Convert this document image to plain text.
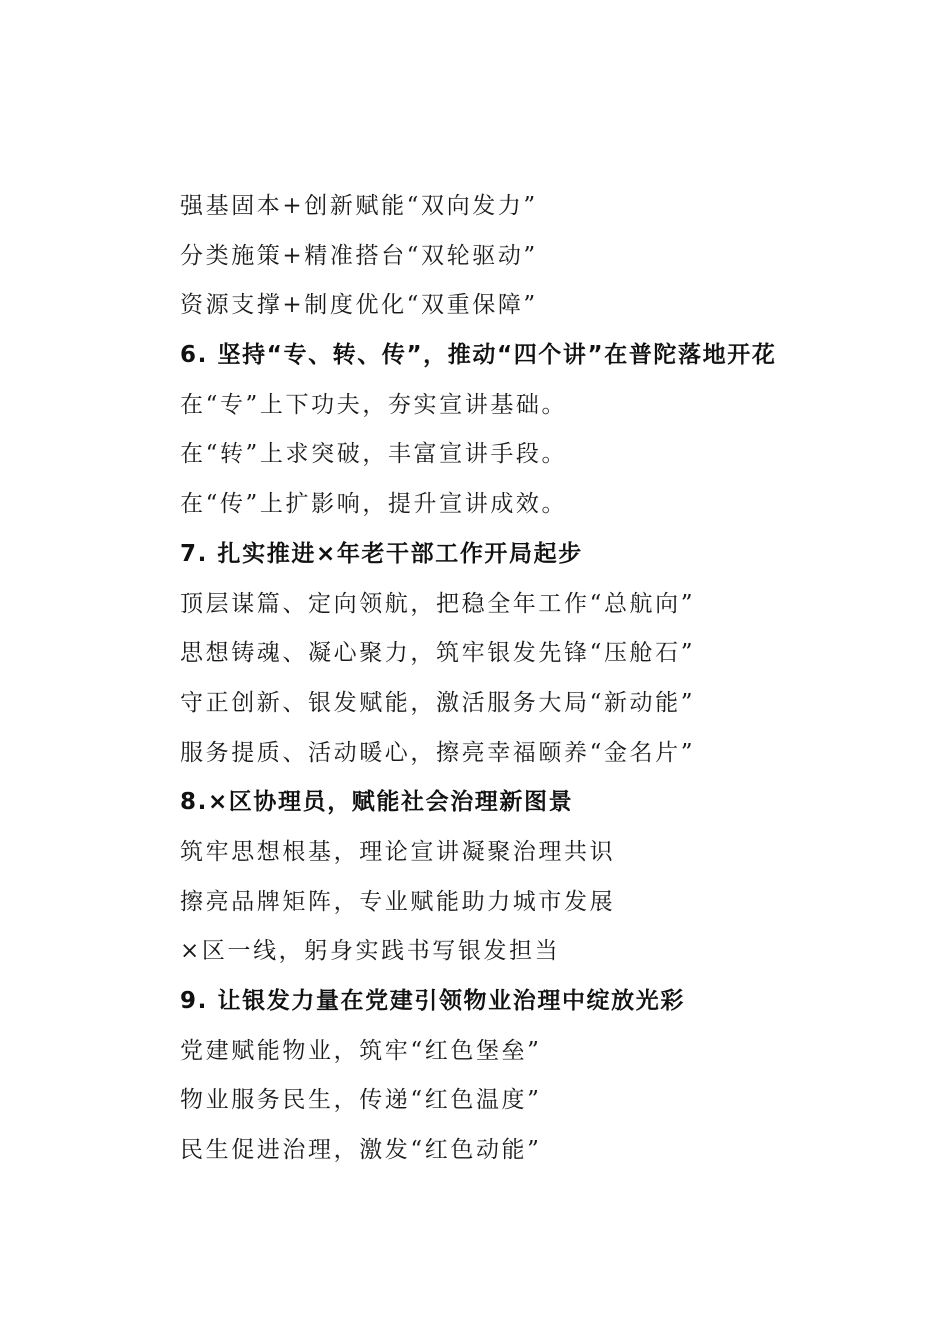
强基固本+创新赋能“双向发力”
分类施策+精准搭台“双轮驱动”
资源支撑+制度优化“双重保障”
6. 坚持“专、转、传”，推动“四个讲”在普陀落地开花
在“专”上下功夫，夯实宣讲基础。
在“转”上求突破，丰富宣讲手段。
在“传”上扩影响，提升宣讲成效。
7. 扎实推进×年老干部工作开局起步
顶层谋篇、定向领航，把稳全年工作“总航向”
思想铸魂、凝心聚力，筑牢银发先锋“压舱石”
守正创新、银发赋能，激活服务大局“新动能”
服务提质、活动暖心，擦亮幸福颐养“金名片”
8.×区协理员，赋能社会治理新图景
筑牢思想根基，理论宣讲凝聚治理共识
擦亮品牌矩阵，专业赋能助力城市发展
×区一线，躬身实践书写银发担当
9. 让银发力量在党建引领物业治理中绽放光彩
党建赋能物业，筑牢“红色堡垒”
物业服务民生，传递“红色温度”
民生促进治理，激发“红色动能”
